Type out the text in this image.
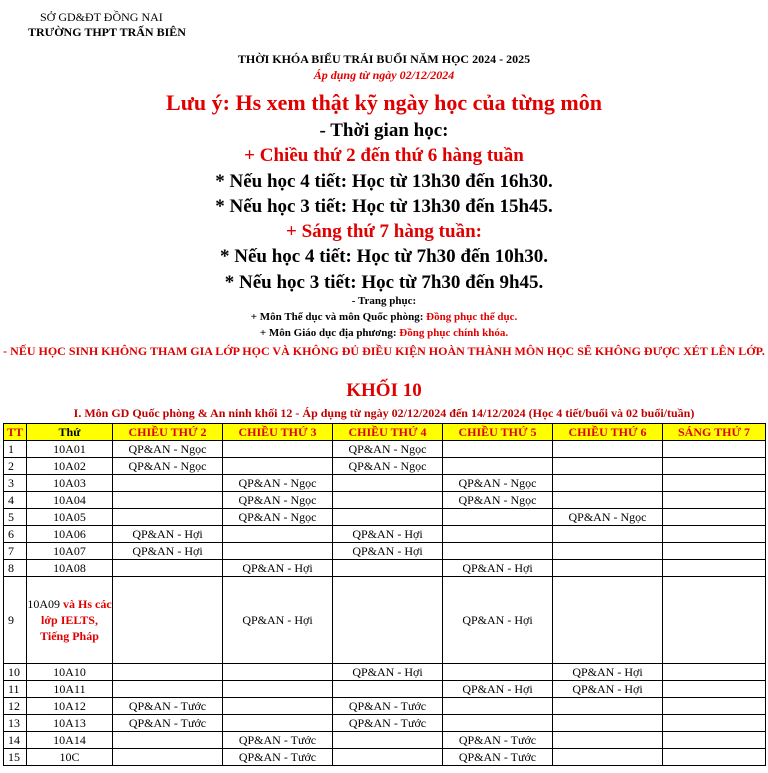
SỞ GD&ĐT ĐỒNG NAI
TRƯỜNG THPT TRẤN BIÊN
THỜI KHÓA BIỂU TRÁI BUỔI NĂM HỌC 2024 - 2025
Áp dụng từ ngày 02/12/2024
Lưu ý: Hs xem thật kỹ ngày học của từng môn
- Thời gian học:
+ Chiều thứ 2 đến thứ 6 hàng tuần
* Nếu học 4 tiết: Học từ 13h30 đến 16h30.
* Nếu học 3 tiết: Học từ 13h30 đến 15h45.
+ Sáng thứ 7 hàng tuần:
* Nếu học 4 tiết: Học từ 7h30 đến 10h30.
* Nếu học 3 tiết: Học từ 7h30 đến 9h45.
- Trang phục:
+ Môn Thể dục và môn Quốc phòng: Đồng phục thể dục.
+ Môn Giáo dục địa phương: Đồng phục chính khóa.
- NẾU HỌC SINH KHÔNG THAM GIA LỚP HỌC VÀ KHÔNG ĐỦ ĐIỀU KIỆN HOÀN THÀNH MÔN HỌC SẼ KHÔNG ĐƯỢC XÉT LÊN LỚP.
KHỐI 10
I. Môn GD Quốc phòng & An ninh khối 12 - Áp dụng từ ngày 02/12/2024 đến 14/12/2024 (Học 4 tiết/buổi và 02 buổi/tuần)
TT	Thứ	CHIỀU THỨ 2	CHIỀU THỨ 3	CHIỀU THỨ 4	CHIỀU THỨ 5	CHIỀU THỨ 6	SÁNG THỨ 7
1	10A01	QP&AN - Ngọc		QP&AN - Ngọc			
2	10A02	QP&AN - Ngọc		QP&AN - Ngọc			
3	10A03		QP&AN - Ngọc		QP&AN - Ngọc		
4	10A04		QP&AN - Ngọc		QP&AN - Ngọc		
5	10A05		QP&AN - Ngọc			QP&AN - Ngọc	
6	10A06	QP&AN - Hợi		QP&AN - Hợi			
7	10A07	QP&AN - Hợi		QP&AN - Hợi			
8	10A08		QP&AN - Hợi		QP&AN - Hợi		
9	10A09 và Hs các lớp IELTS, Tiếng Pháp		QP&AN - Hợi		QP&AN - Hợi		
10	10A10			QP&AN - Hợi		QP&AN - Hợi	
11	10A11				QP&AN - Hợi	QP&AN - Hợi	
12	10A12	QP&AN - Tước		QP&AN - Tước			
13	10A13	QP&AN - Tước		QP&AN - Tước			
14	10A14		QP&AN - Tước		QP&AN - Tước		
15	10C		QP&AN - Tước		QP&AN - Tước		
